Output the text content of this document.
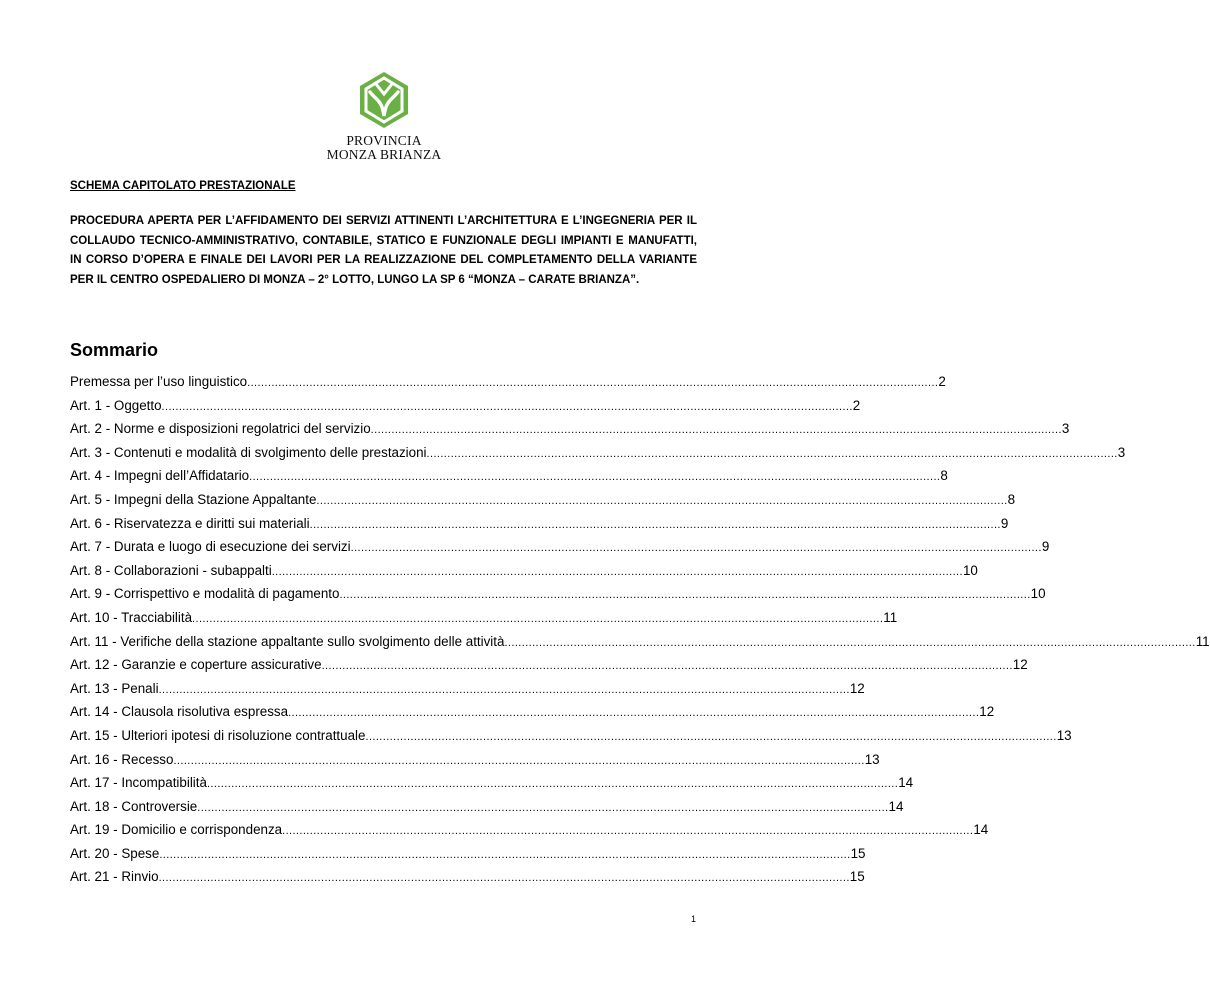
PROVINCIA
MONZA BRIANZA
SCHEMA CAPITOLATO PRESTAZIONALE
PROCEDURA APERTA PER L’AFFIDAMENTO DEI SERVIZI ATTINENTI L’ARCHITETTURA E L’INGEGNERIA PER IL COLLAUDO TECNICO-AMMINISTRATIVO, CONTABILE, STATICO E FUNZIONALE DEGLI IMPIANTI E MANUFATTI, IN CORSO D’OPERA E FINALE DEI LAVORI PER LA REALIZZAZIONE DEL COMPLETAMENTO DELLA VARIANTE PER IL CENTRO OSPEDALIERO DI MONZA – 2° LOTTO, LUNGO LA SP 6 “MONZA – CARATE BRIANZA”.
Sommario
Premessa per l’uso linguistico ........................................................................................................................................................................................................ 2
Art. 1 - Oggetto ........................................................................................................................................................................................................ 2
Art. 2 - Norme e disposizioni regolatrici del servizio ........................................................................................................................................................................................................ 3
Art. 3 - Contenuti e modalità di svolgimento delle prestazioni ........................................................................................................................................................................................................ 3
Art. 4 - Impegni dell’Affidatario ........................................................................................................................................................................................................ 8
Art. 5 - Impegni della Stazione Appaltante ........................................................................................................................................................................................................ 8
Art. 6 - Riservatezza e diritti sui materiali ........................................................................................................................................................................................................ 9
Art. 7 - Durata e luogo di esecuzione dei servizi ........................................................................................................................................................................................................ 9
Art. 8 - Collaborazioni - subappalti ........................................................................................................................................................................................................ 10
Art. 9 - Corrispettivo e modalità di pagamento ........................................................................................................................................................................................................ 10
Art. 10 - Tracciabilità ........................................................................................................................................................................................................ 11
Art. 11 - Verifiche della stazione appaltante sullo svolgimento delle attività ........................................................................................................................................................................................................ 11
Art. 12 - Garanzie e coperture assicurative ........................................................................................................................................................................................................ 12
Art. 13 - Penali ........................................................................................................................................................................................................ 12
Art. 14 - Clausola risolutiva espressa ........................................................................................................................................................................................................ 12
Art. 15 - Ulteriori ipotesi di risoluzione contrattuale ........................................................................................................................................................................................................ 13
Art. 16 - Recesso ........................................................................................................................................................................................................ 13
Art. 17 - Incompatibilità ........................................................................................................................................................................................................ 14
Art. 18 - Controversie ........................................................................................................................................................................................................ 14
Art. 19 - Domicilio e corrispondenza ........................................................................................................................................................................................................ 14
Art. 20 - Spese ........................................................................................................................................................................................................ 15
Art. 21 - Rinvio ........................................................................................................................................................................................................ 15
1
